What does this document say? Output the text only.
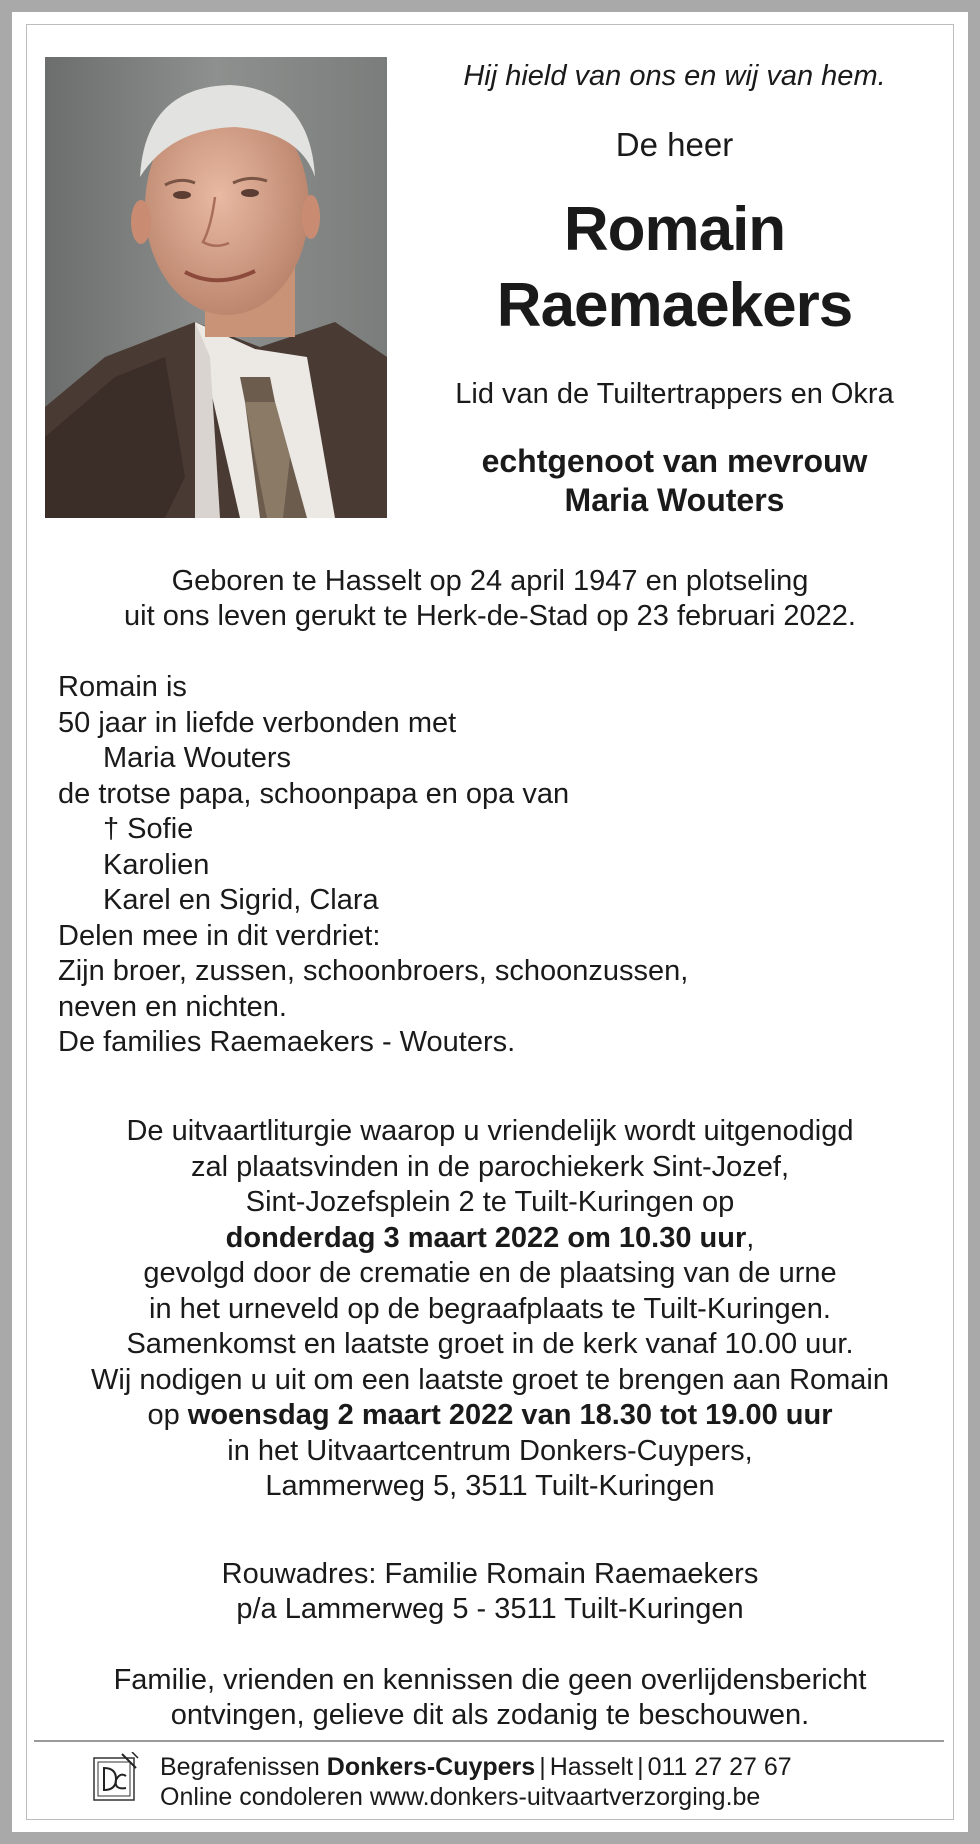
Hij hield van ons en wij van hem.
De heer
Romain
Raemaekers
Lid van de Tuiltertrappers en Okra
echtgenoot van mevrouw
Maria Wouters
Geboren te Hasselt op 24 april 1947 en plotseling
uit ons leven gerukt te Herk-de-Stad op 23 februari 2022.
Romain is
50 jaar in liefde verbonden met
Maria Wouters
de trotse papa, schoonpapa en opa van
† Sofie
Karolien
Karel en Sigrid, Clara
Delen mee in dit verdriet:
Zijn broer, zussen, schoonbroers, schoonzussen,
neven en nichten.
De families Raemaekers - Wouters.
De uitvaartliturgie waarop u vriendelijk wordt uitgenodigd
zal plaatsvinden in de parochiekerk Sint-Jozef,
Sint-Jozefsplein 2 te Tuilt-Kuringen op
donderdag 3 maart 2022 om 10.30 uur,
gevolgd door de crematie en de plaatsing van de urne
in het urneveld op de begraafplaats te Tuilt-Kuringen.
Samenkomst en laatste groet in de kerk vanaf 10.00 uur.
Wij nodigen u uit om een laatste groet te brengen aan Romain
op woensdag 2 maart 2022 van 18.30 tot 19.00 uur
in het Uitvaartcentrum Donkers-Cuypers,
Lammerweg 5, 3511 Tuilt-Kuringen
Rouwadres: Familie Romain Raemaekers
p/a Lammerweg 5 - 3511 Tuilt-Kuringen
Familie, vrienden en kennissen die geen overlijdensbericht
ontvingen, gelieve dit als zodanig te beschouwen.
Begrafenissen Donkers-Cuypers | Hasselt | 011 27 27 67
Online condoleren www.donkers-uitvaartverzorging.be
